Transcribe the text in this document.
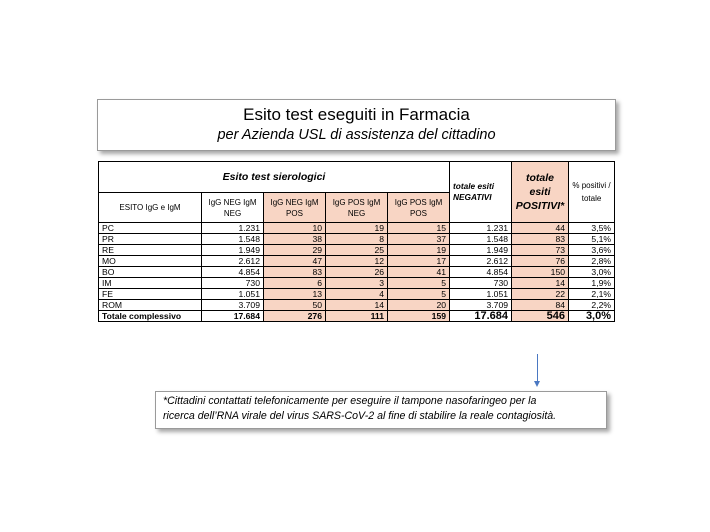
Esito test eseguiti in Farmacia
per Azienda USL di assistenza del cittadino
Esito test sierologici					totale esiti NEGATIVI	totale esiti POSITIVI*	% positivi / totale
ESITO IgG e IgM	IgG NEG IgM NEG	IgG NEG IgM POS	IgG POS IgM NEG	IgG POS IgM POS			
PC	1.231	10	19	15	1.231	44	3,5%
PR	1.548	38	8	37	1.548	83	5,1%
RE	1.949	29	25	19	1.949	73	3,6%
MO	2.612	47	12	17	2.612	76	2,8%
BO	4.854	83	26	41	4.854	150	3,0%
IM	730	6	3	5	730	14	1,9%
FE	1.051	13	4	5	1.051	22	2,1%
ROM	3.709	50	14	20	3.709	84	2,2%
Totale complessivo	17.684	276	111	159	17.684	546	3,0%
*Cittadini contattati telefonicamente per eseguire il tampone nasofaringeo per la
ricerca dell’RNA virale del virus SARS-CoV-2 al fine di stabilire la reale contagiosità.
